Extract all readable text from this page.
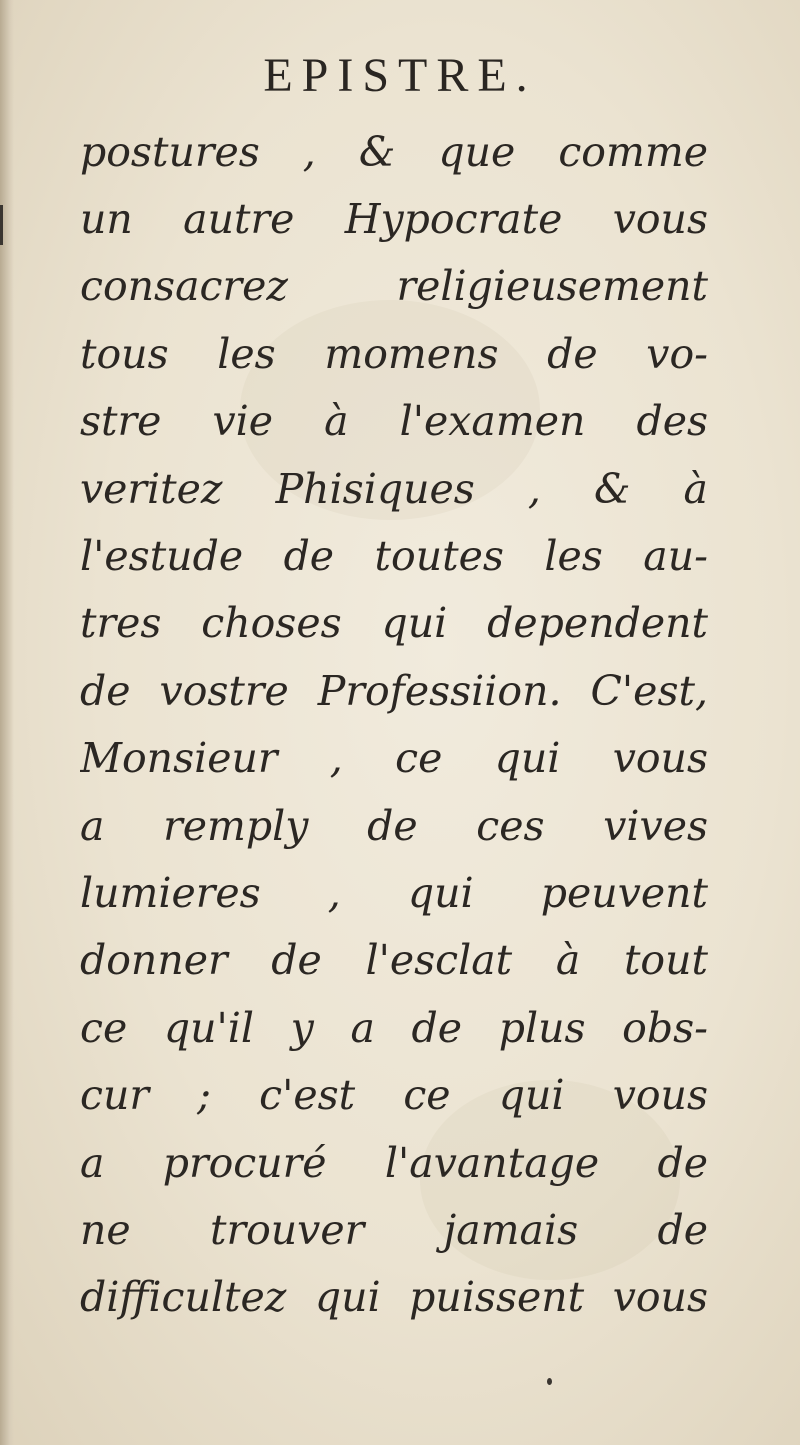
EPISTRE.
postures , & que comme
un autre Hypocrate vous
consacrez religieusement
tous les momens de vo-
stre vie à l'examen des
veritez Phisiques , & à
l'estude de toutes les au-
tres choses qui dependent
de vostre Professiion. C'est,
Monsieur , ce qui vous
a remply de ces vives
lumieres , qui peuvent
donner de l'esclat à tout
ce qu'il y a de plus obs-
cur ; c'est ce qui vous
a procuré l'avantage de
ne trouver jamais de
difficultez qui puissent vous
